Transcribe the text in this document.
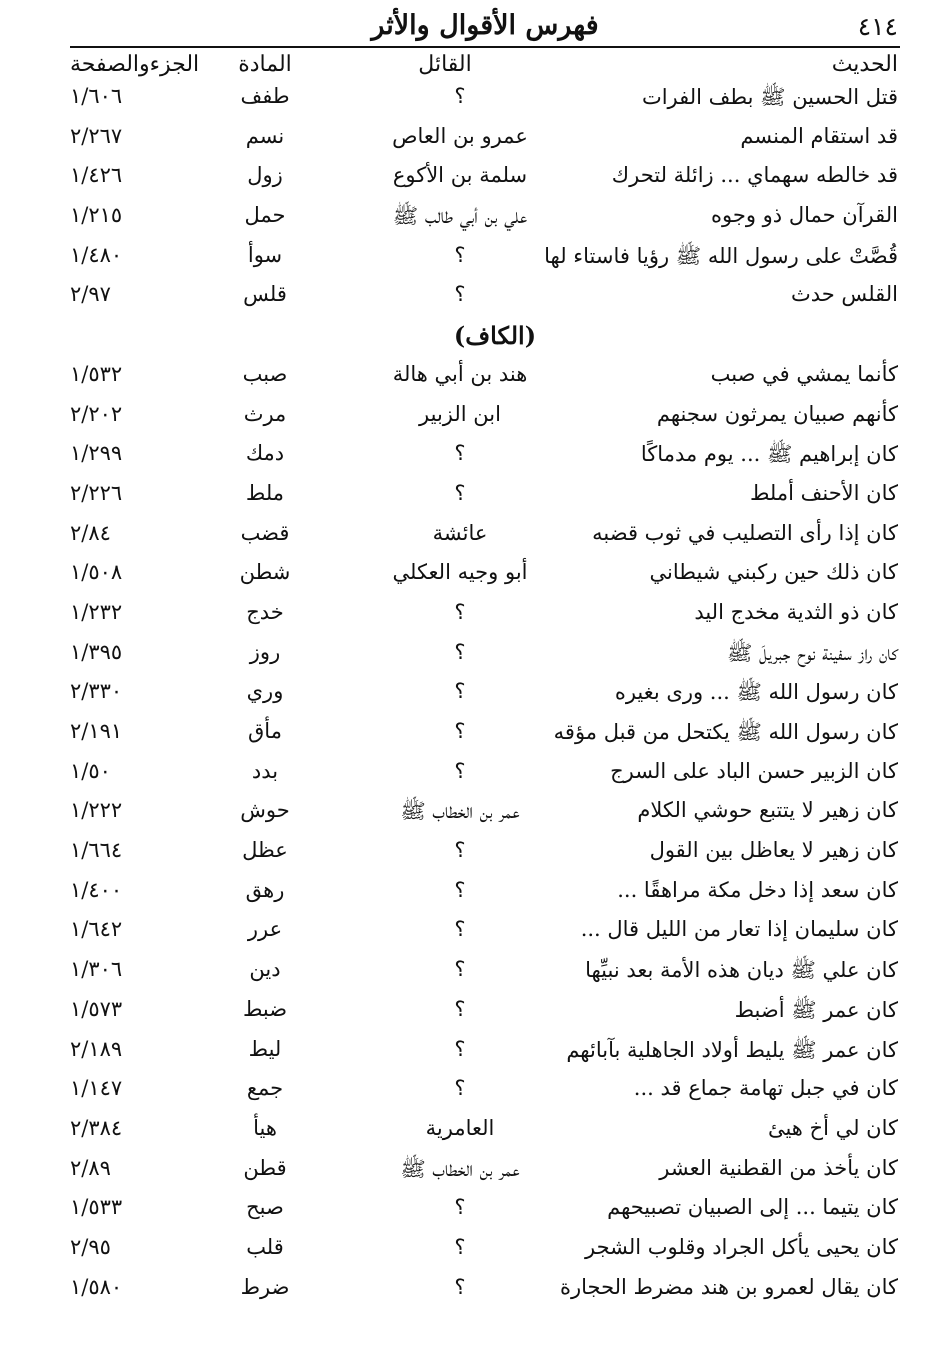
٤١٤
فهرس الأقوال والأثر
الحديث
القائل
المادة
الجزءوالصفحة
قتل الحسين ﷺ بطف الفرات
؟
طفف
١/٦٠٦
قد استقام المنسم
عمرو بن العاص
نسم
٢/٢٦٧
قد خالطه سهماي ... زائلة لتحرك
سلمة بن الأكوع
زول
١/٤٢٦
القرآن حمال ذو وجوه
علي بن أبي طالب ﷺ
حمل
١/٢١٥
قُصَّتْ على رسول الله ﷺ رؤيا فاستاء لها
؟
سوأ
١/٤٨٠
القلس حدث
؟
قلس
٢/٩٧
(الكاف)
كأنما يمشي في صبب
هند بن أبي هالة
صبب
١/٥٣٢
كأنهم صبيان يمرثون سجنهم
ابن الزبير
مرث
٢/٢٠٢
كان إبراهيم ﷺ ... يوم مدماكًا
؟
دمك
١/٢٩٩
كان الأحنف أملط
؟
ملط
٢/٢٢٦
كان إذا رأى التصليب في ثوب قضبه
عائشة
قضب
٢/٨٤
كان ذلك حين ركبني شيطاني
أبو وجيه العكلي
شطن
١/٥٠٨
كان ذو الثدية مخدج اليد
؟
خدج
١/٢٣٢
كان راز سفينة نوح جبريلَ ﷺ
؟
روز
١/٣٩٥
كان رسول الله ﷺ ... ورى بغيره
؟
وري
٢/٣٣٠
كان رسول الله ﷺ يكتحل من قبل مؤقه
؟
مأق
٢/١٩١
كان الزبير حسن الباد على السرج
؟
بدد
١/٥٠
كان زهير لا يتتبع حوشي الكلام
عمر بن الخطاب ﷺ
حوش
١/٢٢٢
كان زهير لا يعاظل بين القول
؟
عظل
١/٦٦٤
كان سعد إذا دخل مكة مراهقًا ...
؟
رهق
١/٤٠٠
كان سليمان إذا تعار من الليل قال ...
؟
عرر
١/٦٤٢
كان علي ﷺ ديان هذه الأمة بعد نبيِّها
؟
دين
١/٣٠٦
كان عمر ﷺ أضبط
؟
ضبط
١/٥٧٣
كان عمر ﷺ يليط أولاد الجاهلية بآبائهم
؟
ليط
٢/١٨٩
كان في جبل تهامة جماع قد ...
؟
جمع
١/١٤٧
كان لي أخ هيئ
العامرية
هيأ
٢/٣٨٤
كان يأخذ من القطنية العشر
عمر بن الخطاب ﷺ
قطن
٢/٨٩
كان يتيما ... إلى الصبيان تصبيحهم
؟
صبح
١/٥٣٣
كان يحيى يأكل الجراد وقلوب الشجر
؟
قلب
٢/٩٥
كان يقال لعمرو بن هند مضرط الحجارة
؟
ضرط
١/٥٨٠
